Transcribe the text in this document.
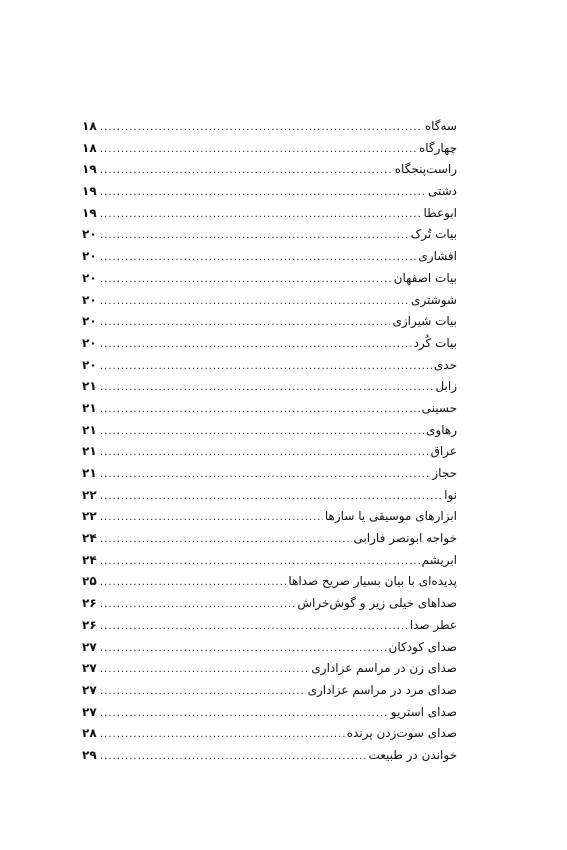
سه‌گاه
.....
۱۸
چهارگاه
.....
۱۸
راست‌پنجگاه
.....
۱۹
دشتی
.....
۱۹
ابوعطا
.....
۱۹
بیات تُرک
.....
۲۰
افشاری
.....
۲۰
بیات اصفهان
.....
۲۰
شوشتری
.....
۲۰
بیات شیرازی
.....
۲۰
بیات کُرد
.....
۲۰
حدی
.....
۲۰
زابل
.....
۲۱
حسینی
.....
۲۱
رهاوی
.....
۲۱
عراق
.....
۲۱
حجاز
.....
۲۱
نوا
.....
۲۲
ابزارهای موسیقی یا سازها
.....
۲۲
خواجه ابونصر فارابی
.....
۲۴
ابریشم
.....
۲۴
پدیده‌ای با بیان بسیار صریح صداها
.....
۲۵
صداهای خیلی زیر و گوش‌خراش
.....
۲۶
عطر صدا
.....
۲۶
صدای کودکان
.....
۲۷
صدای زن در مراسم عزاداری
.....
۲۷
صدای مرد در مراسم عزاداری
.....
۲۷
صدای استریو
.....
۲۷
صدای سوت‌زدن پرنده
.....
۲۸
خواندن در طبیعت
.....
۲۹
